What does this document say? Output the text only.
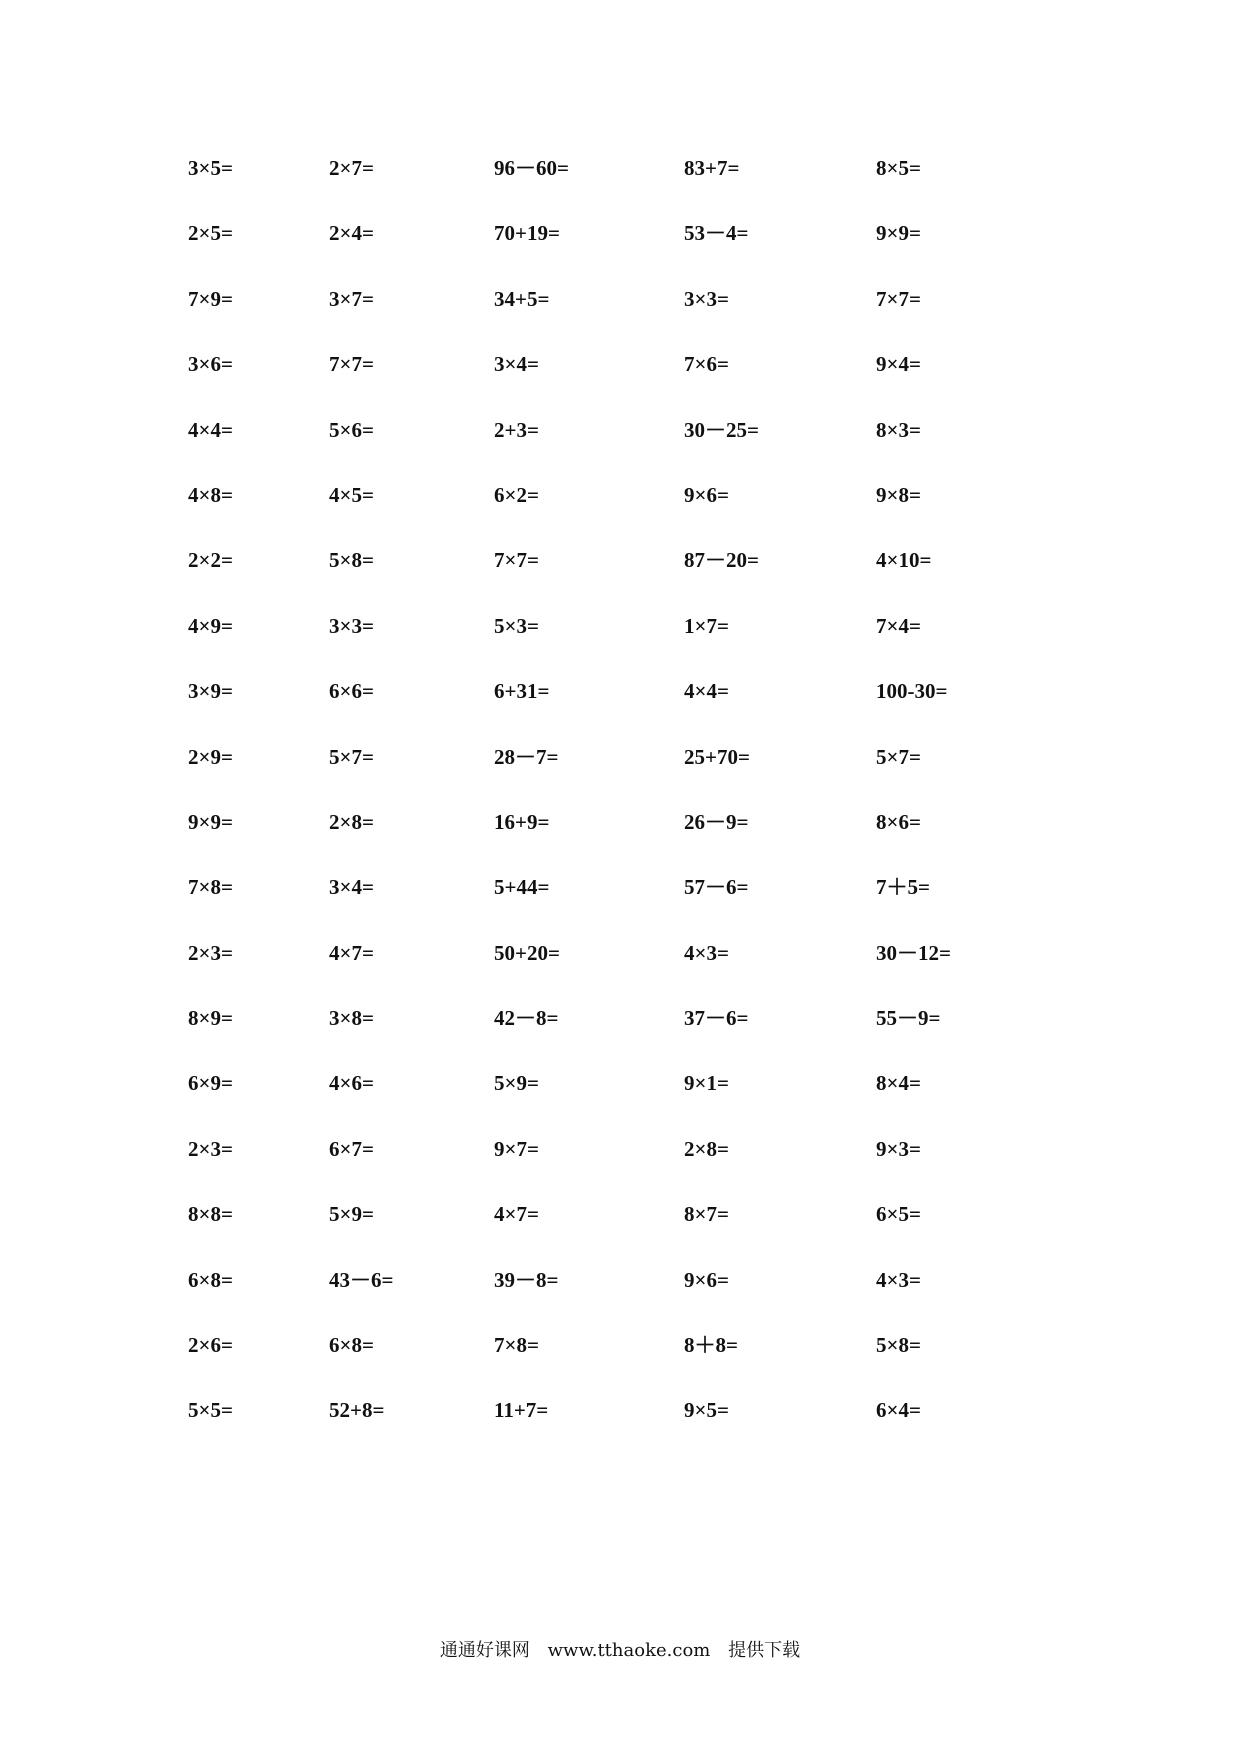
3×5=	2×7=	96－60=	83+7=	8×5=
2×5=	2×4=	70+19=	53－4=	9×9=
7×9=	3×7=	34+5=	3×3=	7×7=
3×6=	7×7=	3×4=	7×6=	9×4=
4×4=	5×6=	2+3=	30－25=	8×3=
4×8=	4×5=	6×2=	9×6=	9×8=
2×2=	5×8=	7×7=	87－20=	4×10=
4×9=	3×3=	5×3=	1×7=	7×4=
3×9=	6×6=	6+31=	4×4=	100-30=
2×9=	5×7=	28－7=	25+70=	5×7=
9×9=	2×8=	16+9=	26－9=	8×6=
7×8=	3×4=	5+44=	57－6=	7＋5=
2×3=	4×7=	50+20=	4×3=	30－12=
8×9=	3×8=	42－8=	37－6=	55－9=
6×9=	4×6=	5×9=	9×1=	8×4=
2×3=	6×7=	9×7=	2×8=	9×3=
8×8=	5×9=	4×7=	8×7=	6×5=
6×8=	43－6=	39－8=	9×6=	4×3=
2×6=	6×8=	7×8=	8＋8=	5×8=
5×5=	52+8=	11+7=	9×5=	6×4=
通通好课网 www.tthaoke.com 提供下载
